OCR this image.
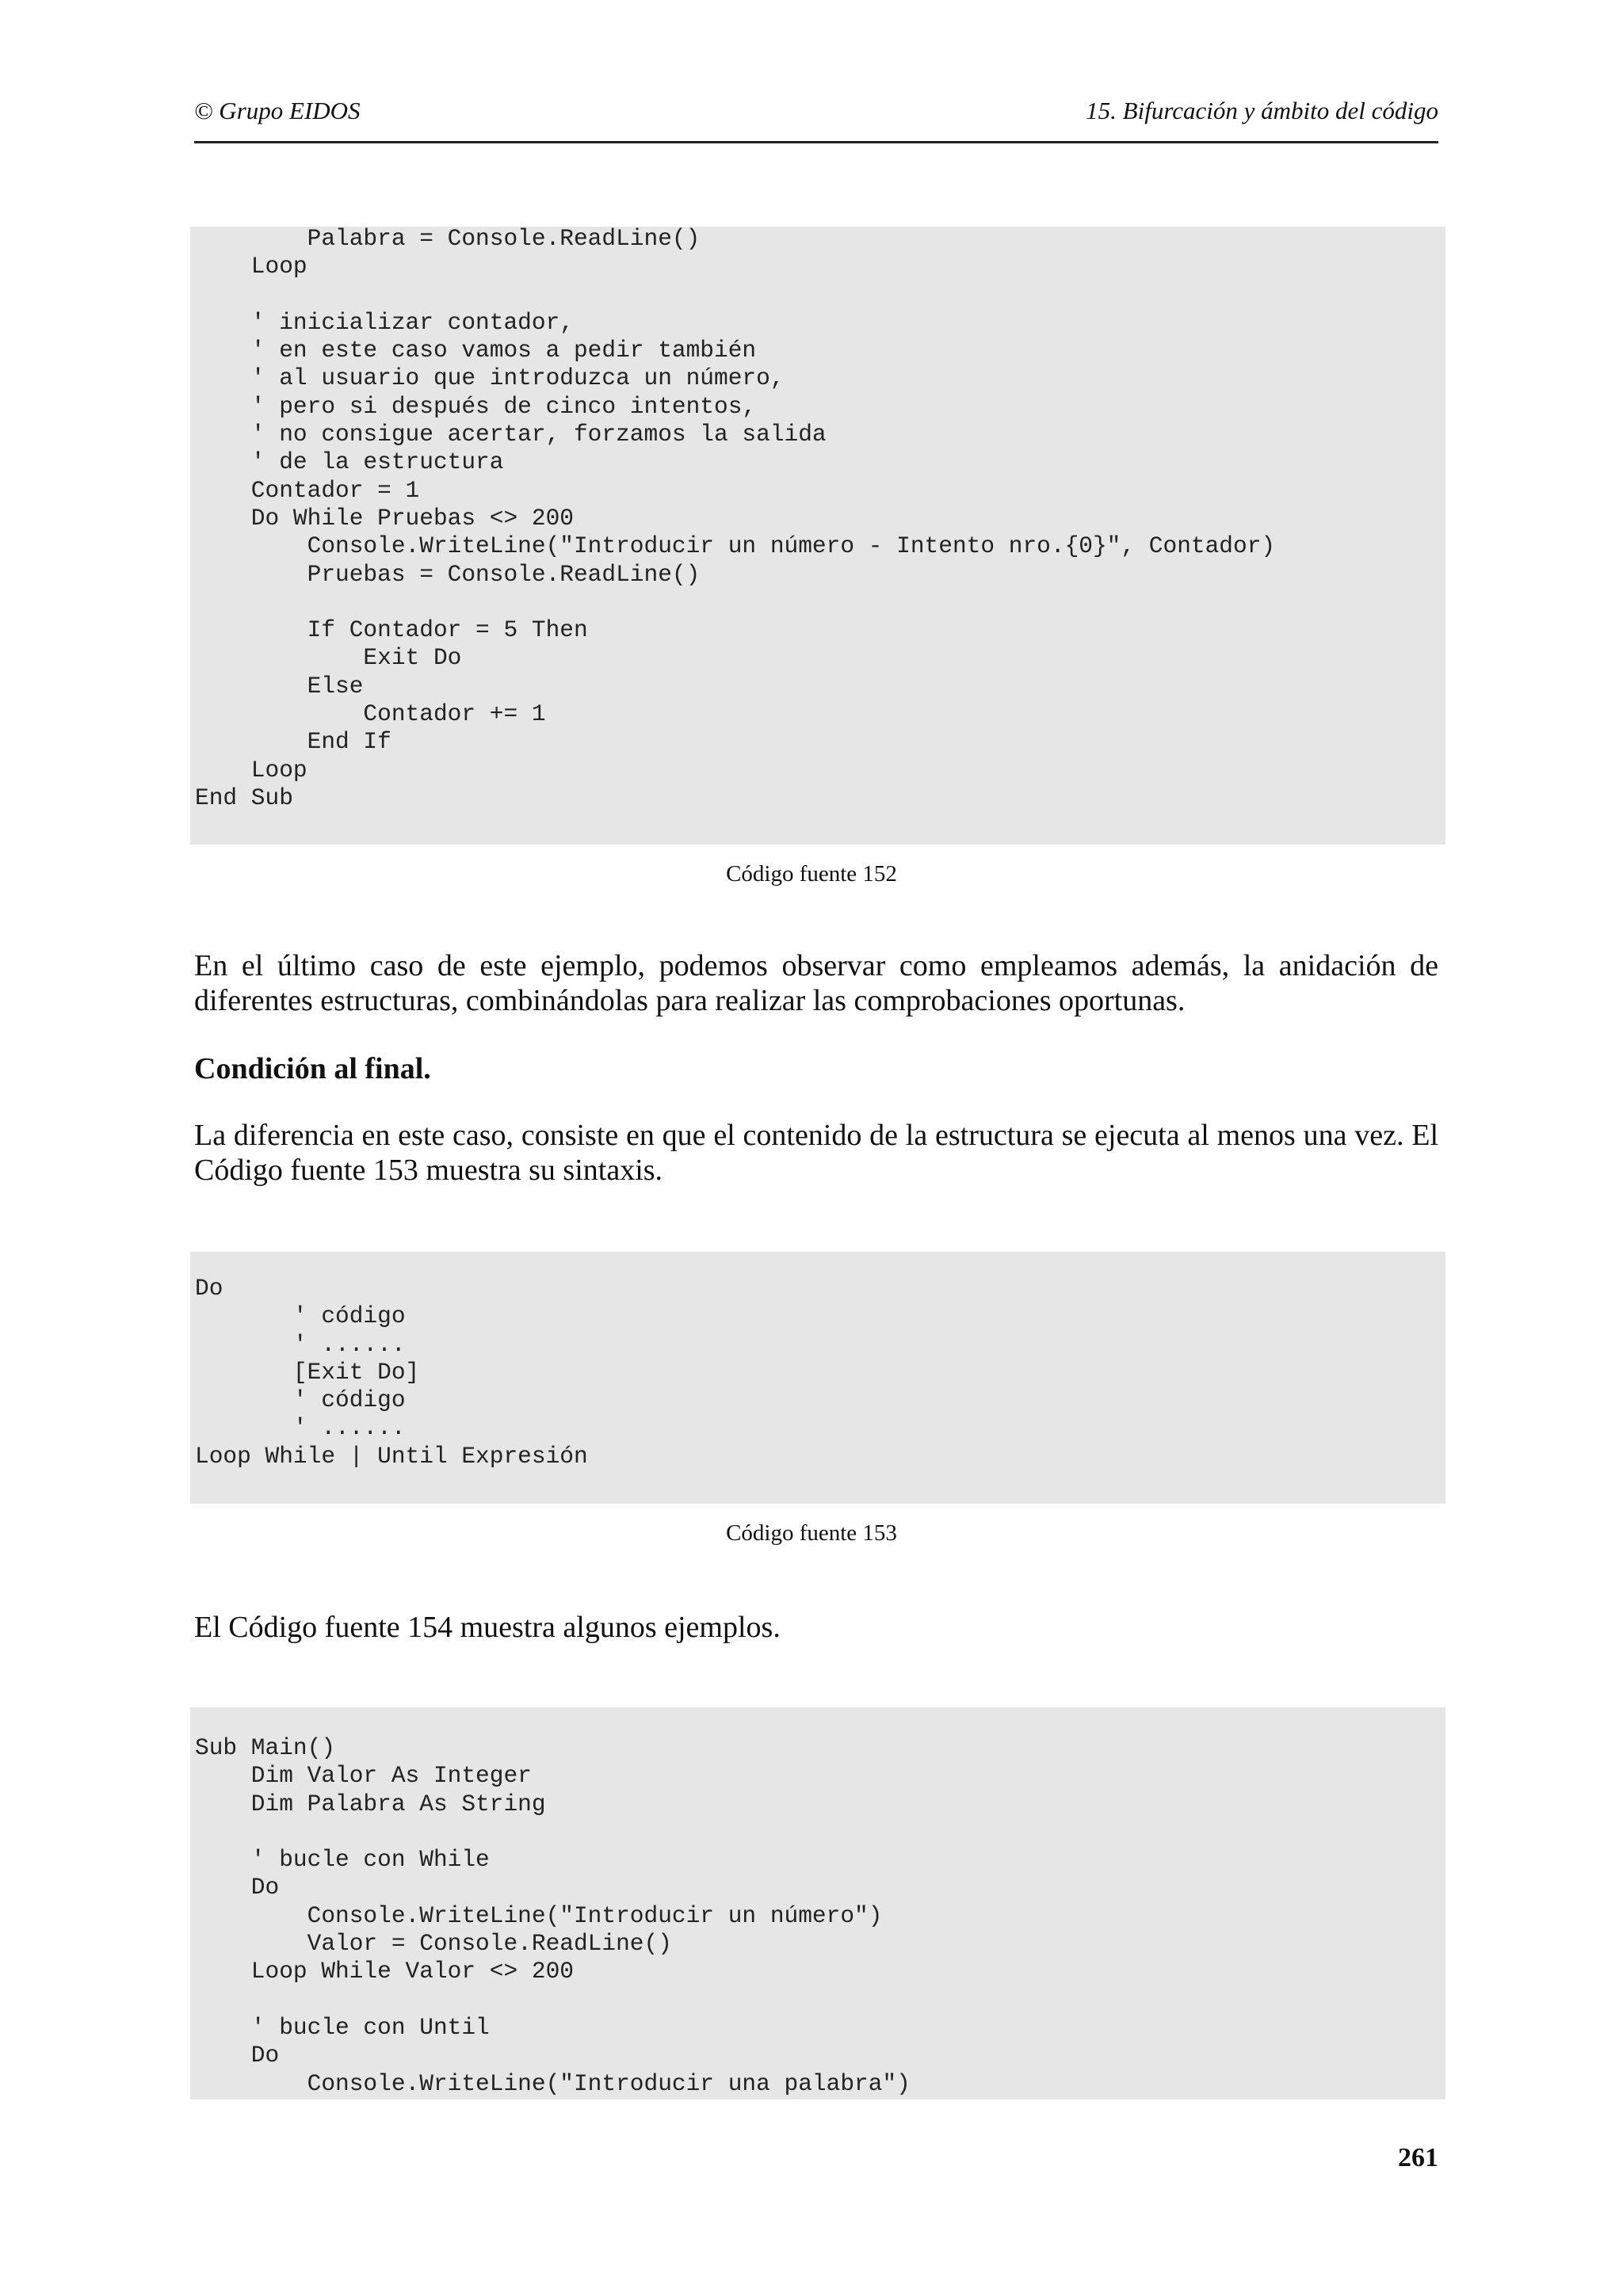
© Grupo EIDOS	15. Bifurcación y ámbito del código
Palabra = Console.ReadLine()
Loop

' inicializar contador,
' en este caso vamos a pedir también
' al usuario que introduzca un número,
' pero si después de cinco intentos,
' no consigue acertar, forzamos la salida
' de la estructura
Contador = 1
Do While Pruebas <> 200
Console.WriteLine("Introducir un número - Intento nro.{0}", Contador)
Pruebas = Console.ReadLine()

If Contador = 5 Then
Exit Do
Else
Contador += 1
End If
Loop
End Sub
Código fuente 152
En el último caso de este ejemplo, podemos observar como empleamos además, la anidación de diferentes estructuras, combinándolas para realizar las comprobaciones oportunas.
Condición al final.
La diferencia en este caso, consiste en que el contenido de la estructura se ejecuta al menos una vez. El Código fuente 153 muestra su sintaxis.
Do
' código
' ......
[Exit Do]
' código
' ......
Loop While | Until Expresión
Código fuente 153
El Código fuente 154 muestra algunos ejemplos.
Sub Main()
Dim Valor As Integer
Dim Palabra As String

' bucle con While
Do
Console.WriteLine("Introducir un número")
Valor = Console.ReadLine()
Loop While Valor <> 200

' bucle con Until
Do
Console.WriteLine("Introducir una palabra")
261
